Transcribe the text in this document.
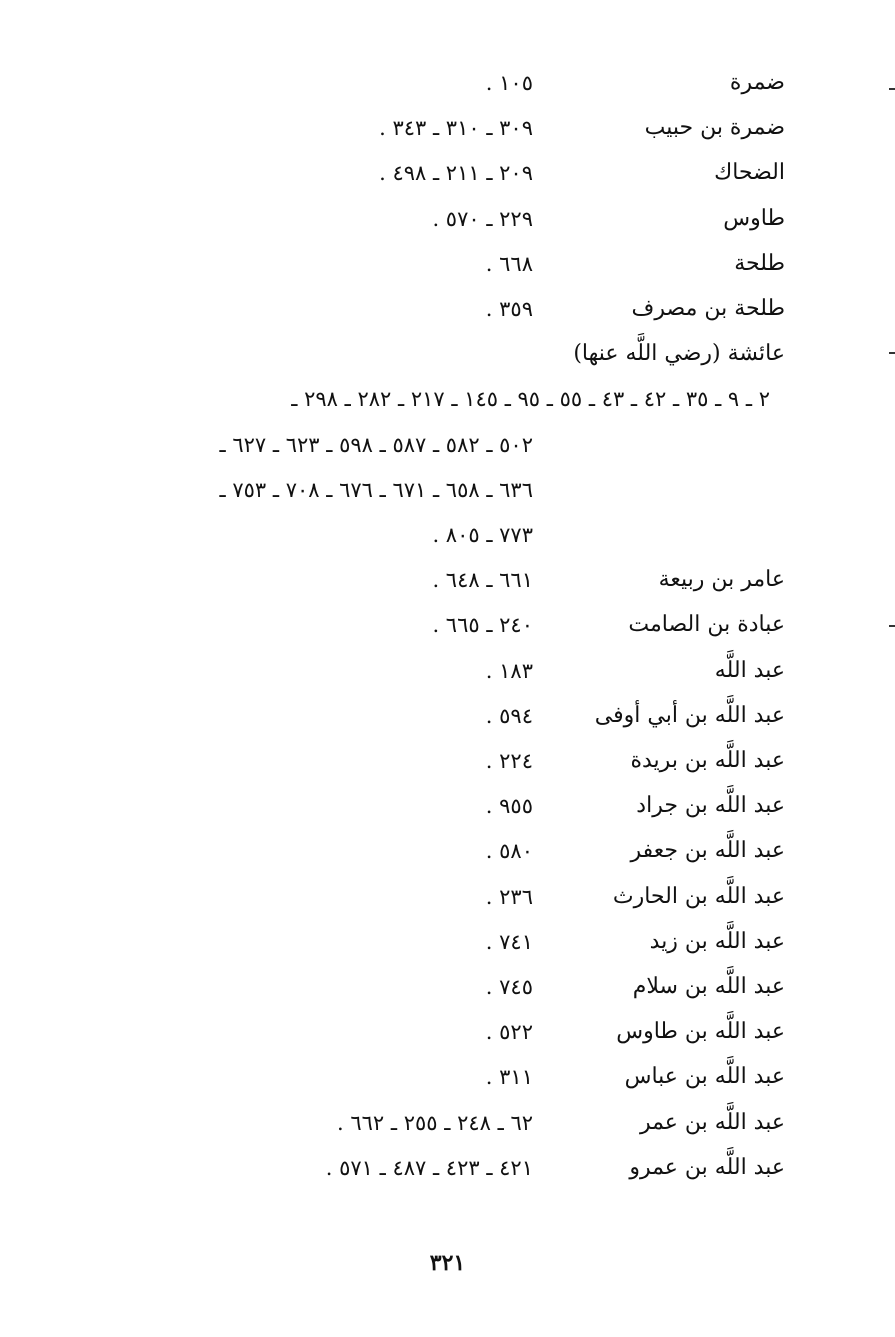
ضمرة
١٠٥ .
ضمرة بن حبيب
٣٠٩ ـ ٣١٠ ـ ٣٤٣ .
الضحاك
٢٠٩ ـ ٢١١ ـ ٤٩٨ .
طاوس
٢٢٩ ـ ٥٧٠ .
طلحة
٦٦٨ .
طلحة بن مصرف
٣٥٩ .
عائشة (رضي اللَّه عنها)
٢ ـ ٩ ـ ٣٥ ـ ٤٢ ـ ٤٣ ـ ٥٥ ـ ٩٥ ـ ١٤٥ ـ ٢١٧ ـ ٢٨٢ ـ ٢٩٨ ـ
٥٠٢ ـ ٥٨٢ ـ ٥٨٧ ـ ٥٩٨ ـ ٦٢٣ ـ ٦٢٧ ـ
٦٣٦ ـ ٦٥٨ ـ ٦٧١ ـ ٦٧٦ ـ ٧٠٨ ـ ٧٥٣ ـ
٧٧٣ ـ ٨٠٥ .
عامر بن ربيعة
٦٦١ ـ ٦٤٨ .
عبادة بن الصامت
٢٤٠ ـ ٦٦٥ .
عبد اللَّه
١٨٣ .
عبد اللَّه بن أبي أوفى
٥٩٤ .
عبد اللَّه بن بريدة
٢٢٤ .
عبد اللَّه بن جراد
٩٥٥ .
عبد اللَّه بن جعفر
٥٨٠ .
عبد اللَّه بن الحارث
٢٣٦ .
عبد اللَّه بن زيد
٧٤١ .
عبد اللَّه بن سلام
٧٤٥ .
عبد اللَّه بن طاوس
٥٢٢ .
عبد اللَّه بن عباس
٣١١ .
عبد اللَّه بن عمر
٦٢ ـ ٢٤٨ ـ ٢٥٥ ـ ٦٦٢ .
عبد اللَّه بن عمرو
٤٢١ ـ ٤٢٣ ـ ٤٨٧ ـ ٥٧١ .
٣٢١
